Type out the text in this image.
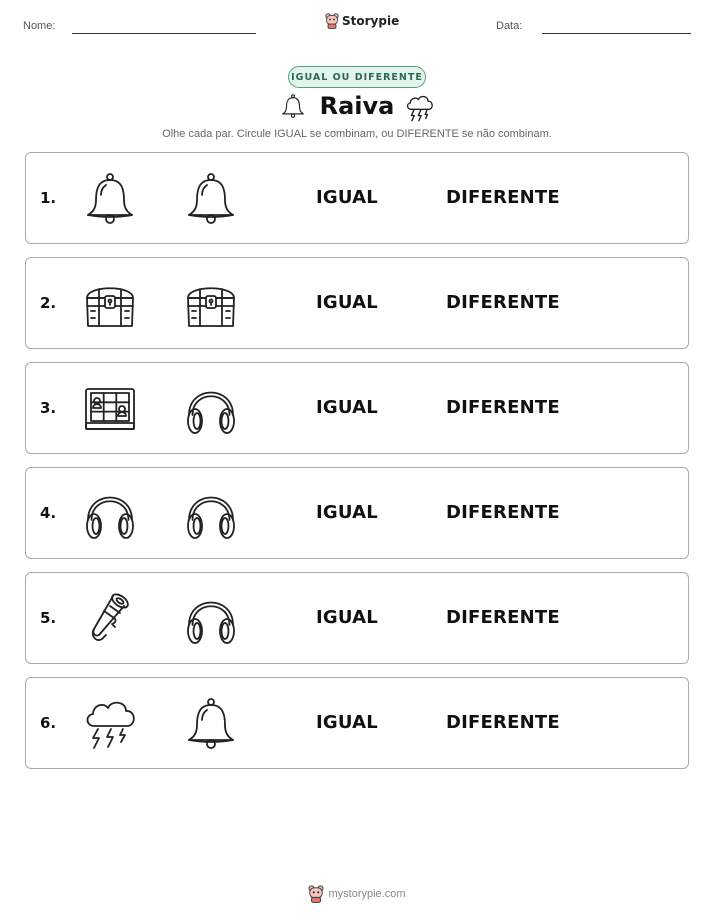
Nome:	Storypie	Data:
IGUAL OU DIFERENTE
Raiva
Olhe cada par. Circule IGUAL se combinam, ou DIFERENTE se não combinam.
1.	IGUAL	DIFERENTE
2.	IGUAL	DIFERENTE
3.	IGUAL	DIFERENTE
4.	IGUAL	DIFERENTE
5.	IGUAL	DIFERENTE
6.	IGUAL	DIFERENTE
mystorypie.com
